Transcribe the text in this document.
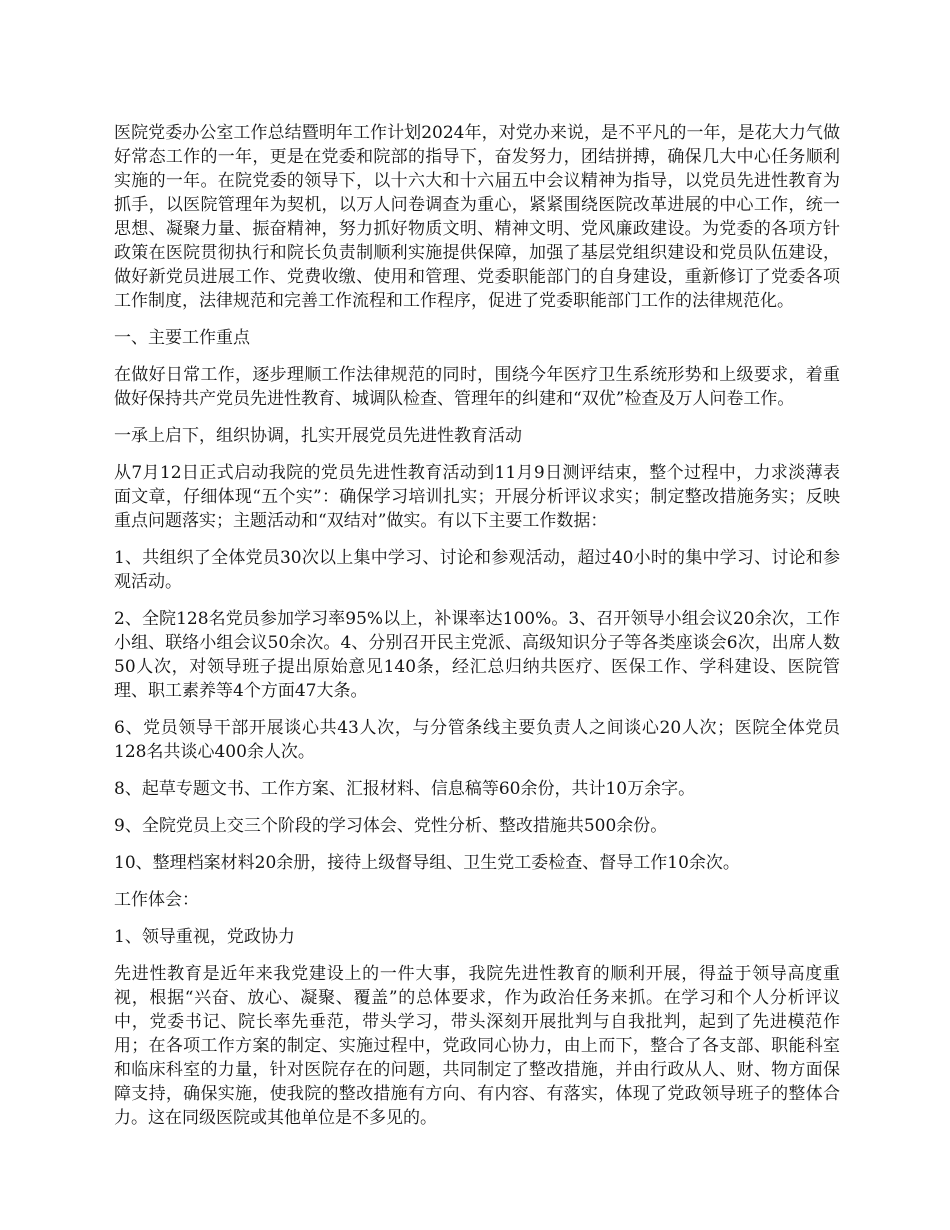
医院党委办公室工作总结暨明年工作计划2024年，对党办来说，是不平凡的一年，是花大力气做好常态工作的一年，更是在党委和院部的指导下，奋发努力，团结拼搏，确保几大中心任务顺利实施的一年。在院党委的领导下，以十六大和十六届五中会议精神为指导，以党员先进性教育为抓手，以医院管理年为契机，以万人问卷调查为重心，紧紧围绕医院改革进展的中心工作，统一思想、凝聚力量、振奋精神，努力抓好物质文明、精神文明、党风廉政建设。为党委的各项方针政策在医院贯彻执行和院长负责制顺利实施提供保障，加强了基层党组织建设和党员队伍建设，做好新党员进展工作、党费收缴、使用和管理、党委职能部门的自身建设，重新修订了党委各项工作制度，法律规范和完善工作流程和工作程序，促进了党委职能部门工作的法律规范化。

一、主要工作重点

在做好日常工作，逐步理顺工作法律规范的同时，围绕今年医疗卫生系统形势和上级要求，着重做好保持共产党员先进性教育、城调队检查、管理年的纠建和“双优”检查及万人问卷工作。

一承上启下，组织协调，扎实开展党员先进性教育活动

从7月12日正式启动我院的党员先进性教育活动到11月9日测评结束，整个过程中，力求淡薄表面文章，仔细体现“五个实”：确保学习培训扎实；开展分析评议求实；制定整改措施务实；反映重点问题落实；主题活动和“双结对”做实。有以下主要工作数据：

1、共组织了全体党员30次以上集中学习、讨论和参观活动，超过40小时的集中学习、讨论和参观活动。

2、全院128名党员参加学习率95%以上，补课率达100%。3、召开领导小组会议20余次，工作小组、联络小组会议50余次。4、分别召开民主党派、高级知识分子等各类座谈会6次，出席人数50人次，对领导班子提出原始意见140条，经汇总归纳共医疗、医保工作、学科建设、医院管理、职工素养等4个方面47大条。

6、党员领导干部开展谈心共43人次，与分管条线主要负责人之间谈心20人次；医院全体党员128名共谈心400余人次。

8、起草专题文书、工作方案、汇报材料、信息稿等60余份，共计10万余字。

9、全院党员上交三个阶段的学习体会、党性分析、整改措施共500余份。

10、整理档案材料20余册，接待上级督导组、卫生党工委检查、督导工作10余次。

工作体会：

1、领导重视，党政协力

先进性教育是近年来我党建设上的一件大事，我院先进性教育的顺利开展，得益于领导高度重视，根据“兴奋、放心、凝聚、覆盖”的总体要求，作为政治任务来抓。在学习和个人分析评议中，党委书记、院长率先垂范，带头学习，带头深刻开展批判与自我批判，起到了先进模范作用；在各项工作方案的制定、实施过程中，党政同心协力，由上而下，整合了各支部、职能科室和临床科室的力量，针对医院存在的问题，共同制定了整改措施，并由行政从人、财、物方面保障支持，确保实施，使我院的整改措施有方向、有内容、有落实，体现了党政领导班子的整体合力。这在同级医院或其他单位是不多见的。
